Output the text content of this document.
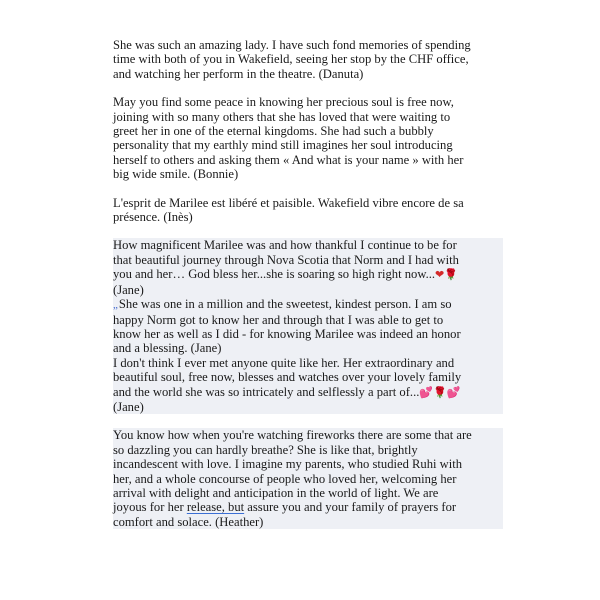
She was such an amazing lady. I have such fond memories of spending
time with both of you in Wakefield, seeing her stop by the CHF office,
and watching her perform in the theatre. (Danuta)
May you find some peace in knowing her precious soul is free now,
joining with so many others that she has loved that were waiting to
greet her in one of the eternal kingdoms. She had such a bubbly
personality that my earthly mind still imagines her soul introducing
herself to others and asking them « And what is your name » with her
big wide smile. (Bonnie)
L'esprit de Marilee est libéré et paisible. Wakefield vibre encore de sa
présence. (Inès)
How magnificent Marilee was and how thankful I continue to be for
that beautiful journey through Nova Scotia that Norm and I had with
you and her… God bless her...she is soaring so high right now...❤🌹
(Jane)
„She was one in a million and the sweetest, kindest person. I am so
happy Norm got to know her and through that I was able to get to
know her as well as I did - for knowing Marilee was indeed an honor
and a blessing. (Jane)
I don't think I ever met anyone quite like her. Her extraordinary and
beautiful soul, free now, blesses and watches over your lovely family
and the world she was so intricately and selflessly a part of...💕🌹💕
(Jane)
You know how when you're watching fireworks there are some that are
so dazzling you can hardly breathe? She is like that, brightly
incandescent with love. I imagine my parents, who studied Ruhi with
her, and a whole concourse of people who loved her, welcoming her
arrival with delight and anticipation in the world of light. We are
joyous for her release, but assure you and your family of prayers for
comfort and solace. (Heather)
